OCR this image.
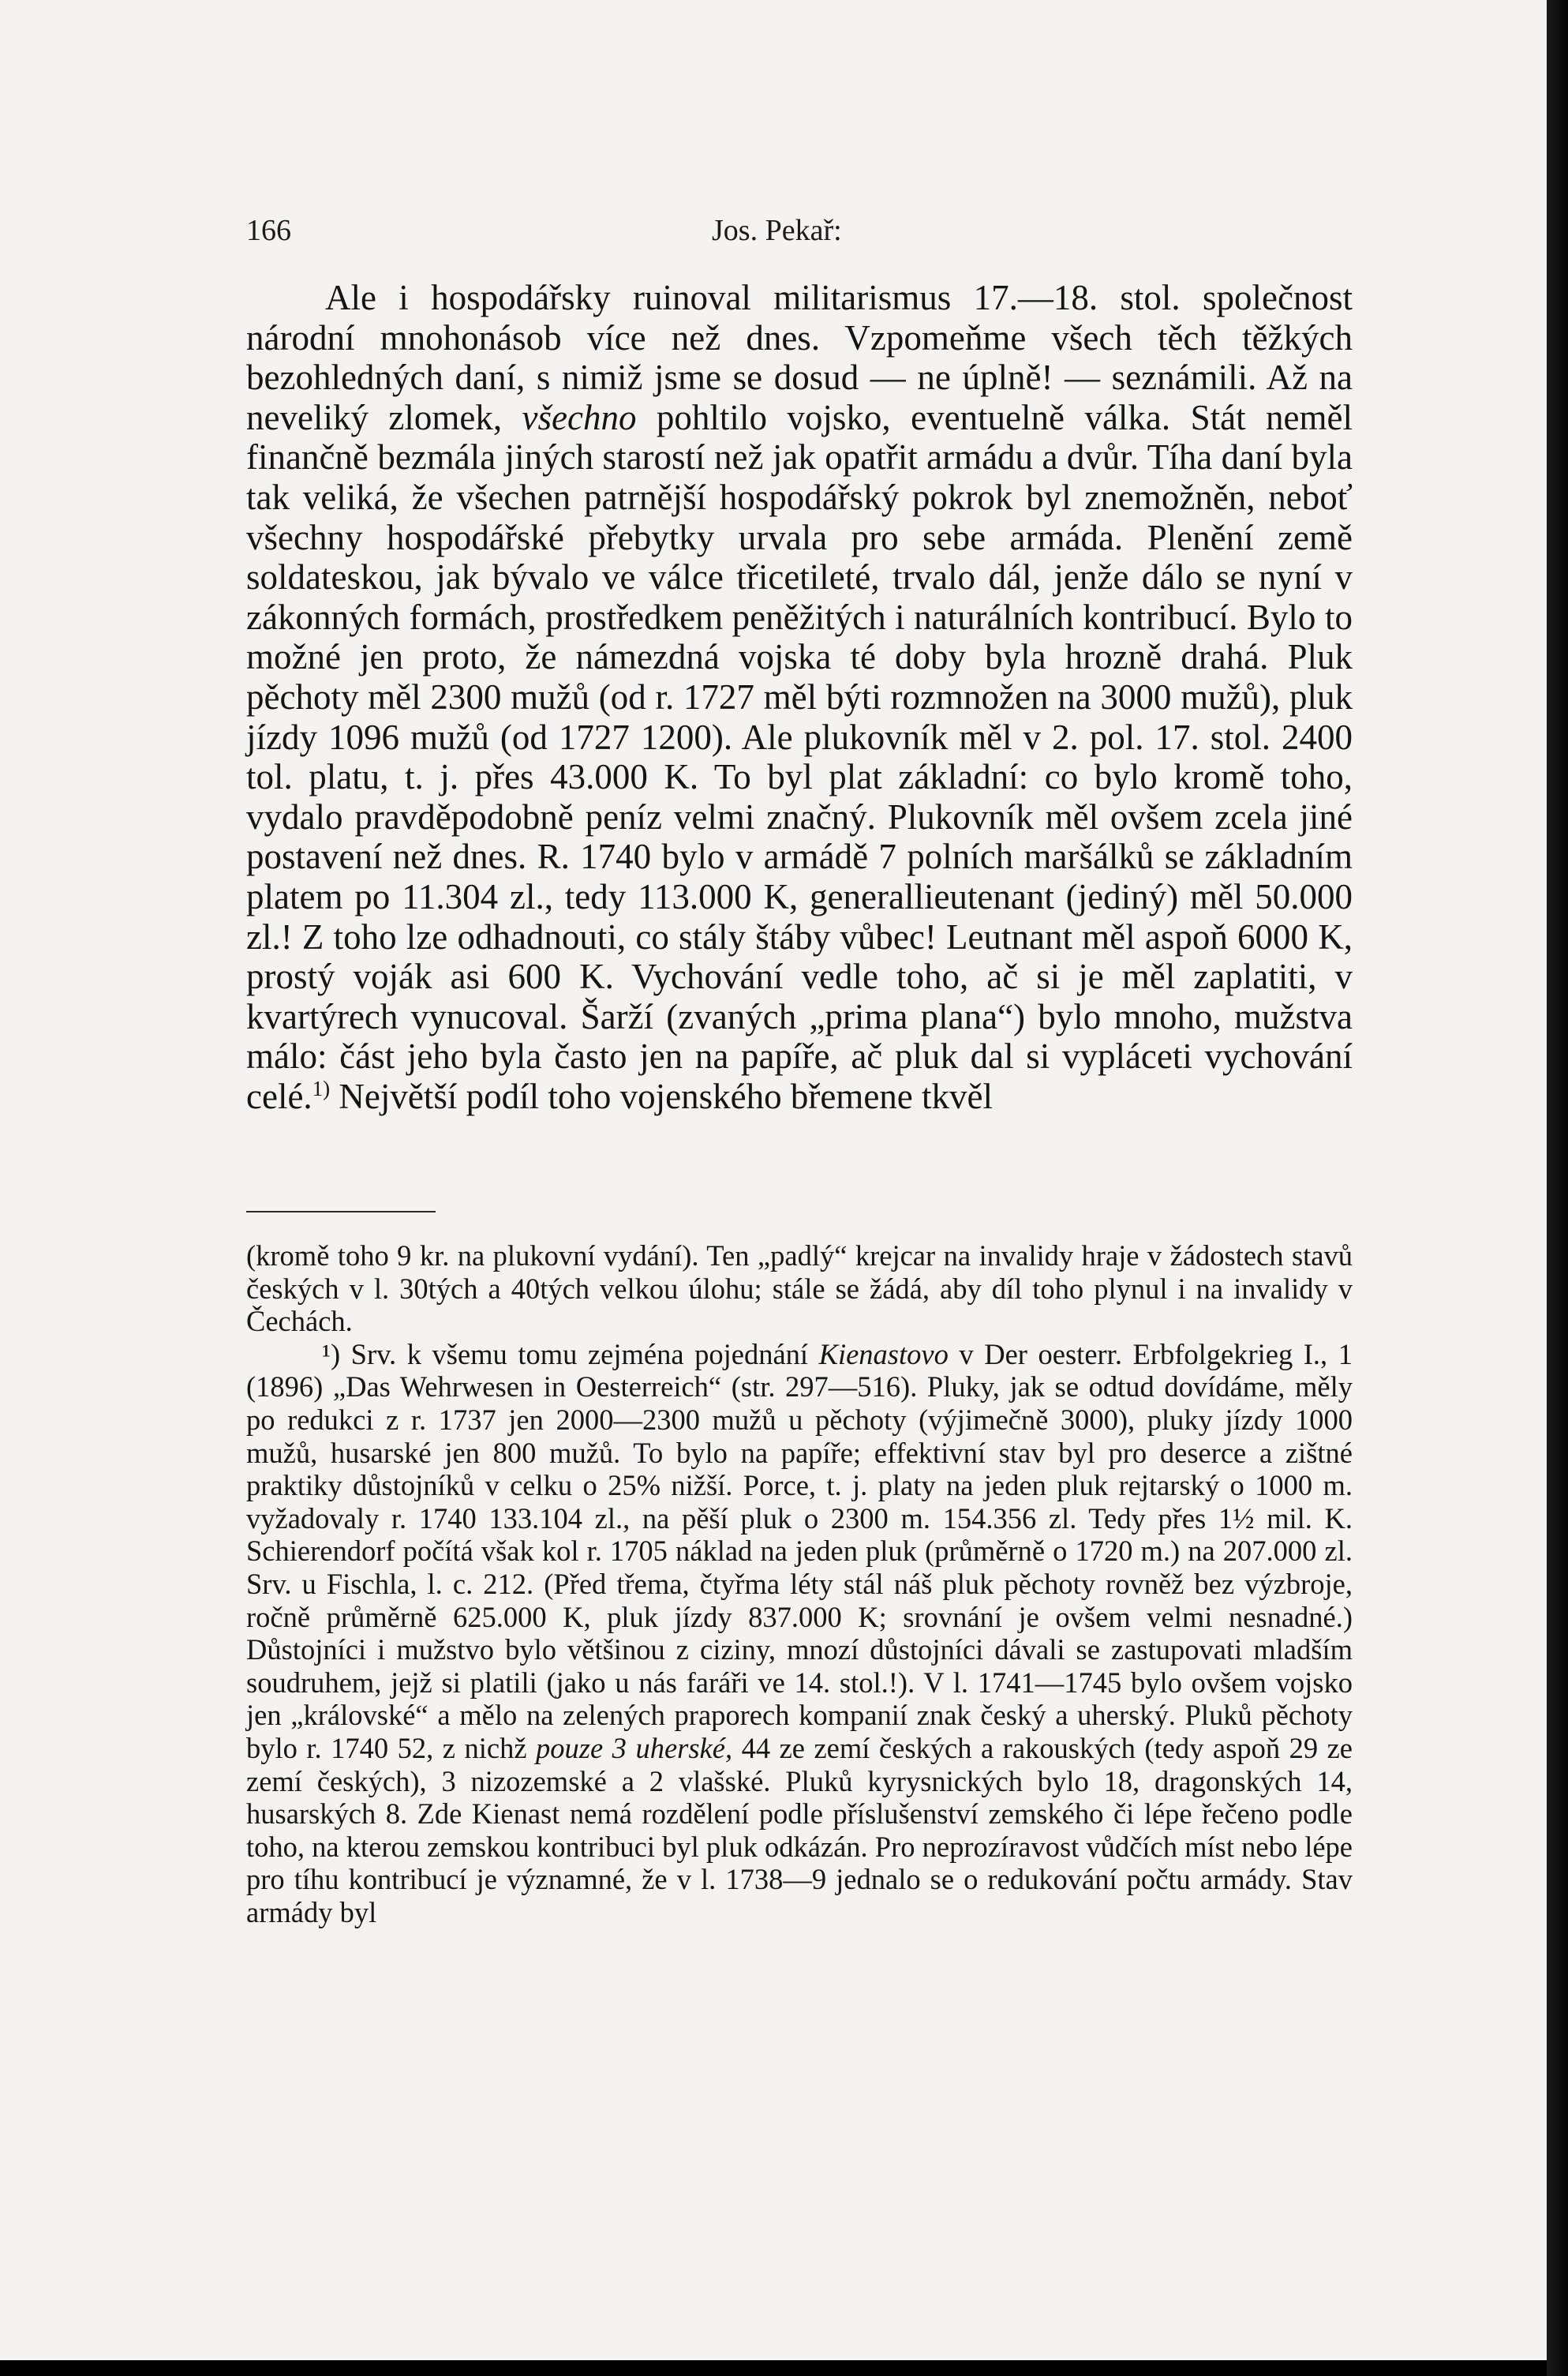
166	Jos. Pekař:

Ale i hospodářsky ruinoval militarismus 17.—18. stol. společnost národní mnohonásob více než dnes. Vzpomeňme všech těch těžkých bezohledných daní, s nimiž jsme se dosud — ne úplně! — seznámili. Až na neveliký zlomek, všechno pohltilo vojsko, eventuelně válka. Stát neměl finančně bezmála jiných starostí než jak opatřit armádu a dvůr. Tíha daní byla tak veliká, že všechen patrnější hospodářský pokrok byl znemožněn, neboť všechny hospodářské přebytky urvala pro sebe armáda. Plenění země soldateskou, jak bývalo ve válce třicetileté, trvalo dál, jenže dálo se nyní v zákonných formách, prostředkem peněžitých i naturálních kontribucí. Bylo to možné jen proto, že námezdná vojska té doby byla hrozně drahá. Pluk pěchoty měl 2300 mužů (od r. 1727 měl býti rozmnožen na 3000 mužů), pluk jízdy 1096 mužů (od 1727 1200). Ale plukovník měl v 2. pol. 17. stol. 2400 tol. platu, t. j. přes 43.000 K. To byl plat základní: co bylo kromě toho, vydalo pravděpodobně peníz velmi značný. Plukovník měl ovšem zcela jiné postavení než dnes. R. 1740 bylo v armádě 7 polních maršálků se základním platem po 11.304 zl., tedy 113.000 K, generallieutenant (jediný) měl 50.000 zl.! Z toho lze odhadnouti, co stály štáby vůbec! Leutnant měl aspoň 6000 K, prostý voják asi 600 K. Vychování vedle toho, ač si je měl zaplatiti, v kvartýrech vynucoval. Šarží (zvaných „prima plana“) bylo mnoho, mužstva málo: část jeho byla často jen na papíře, ač pluk dal si vypláceti vychování celé.$^{1)}$ Největší podíl toho vojenského břemene tkvěl

(kromě toho 9 kr. na plukovní vydání). Ten „padlý“ krejcar na invalidy hraje v žádostech stavů českých v l. 30tých a 40tých velkou úlohu; stále se žádá, aby díl toho plynul i na invalidy v Čechách.

¹) Srv. k všemu tomu zejména pojednání Kienastovo v Der oesterr. Erbfolgekrieg I., 1 (1896) „Das Wehrwesen in Oesterreich“ (str. 297—516). Pluky, jak se odtud dovídáme, měly po redukci z r. 1737 jen 2000—2300 mužů u pěchoty (výjimečně 3000), pluky jízdy 1000 mužů, husarské jen 800 mužů. To bylo na papíře; effektivní stav byl pro deserce a zištné praktiky důstojníků v celku o 25% nižší. Porce, t. j. platy na jeden pluk rejtarský o 1000 m. vyžadovaly r. 1740 133.104 zl., na pěší pluk o 2300 m. 154.356 zl. Tedy přes 1½ mil. K. Schierendorf počítá však kol r. 1705 náklad na jeden pluk (průměrně o 1720 m.) na 207.000 zl. Srv. u Fischla, l. c. 212. (Před třema, čtyřma léty stál náš pluk pěchoty rovněž bez výzbroje, ročně průměrně 625.000 K, pluk jízdy 837.000 K; srovnání je ovšem velmi nesnadné.) Důstojníci i mužstvo bylo většinou z ciziny, mnozí důstojníci dávali se zastupovati mladším soudruhem, jejž si platili (jako u nás faráři ve 14. stol.!). V l. 1741—1745 bylo ovšem vojsko jen „královské“ a mělo na zelených praporech kompanií znak český a uherský. Pluků pěchoty bylo r. 1740 52, z nichž pouze 3 uherské, 44 ze zemí českých a rakouských (tedy aspoň 29 ze zemí českých), 3 nizozemské a 2 vlašské. Pluků kyrysnických bylo 18, dragonských 14, husarských 8. Zde Kienast nemá rozdělení podle příslušenství zemského či lépe řečeno podle toho, na kterou zemskou kontribuci byl pluk odkázán. Pro neprozíravost vůdčích míst nebo lépe pro tíhu kontribucí je významné, že v l. 1738—9 jednalo se o redukování počtu armády. Stav armády byl
